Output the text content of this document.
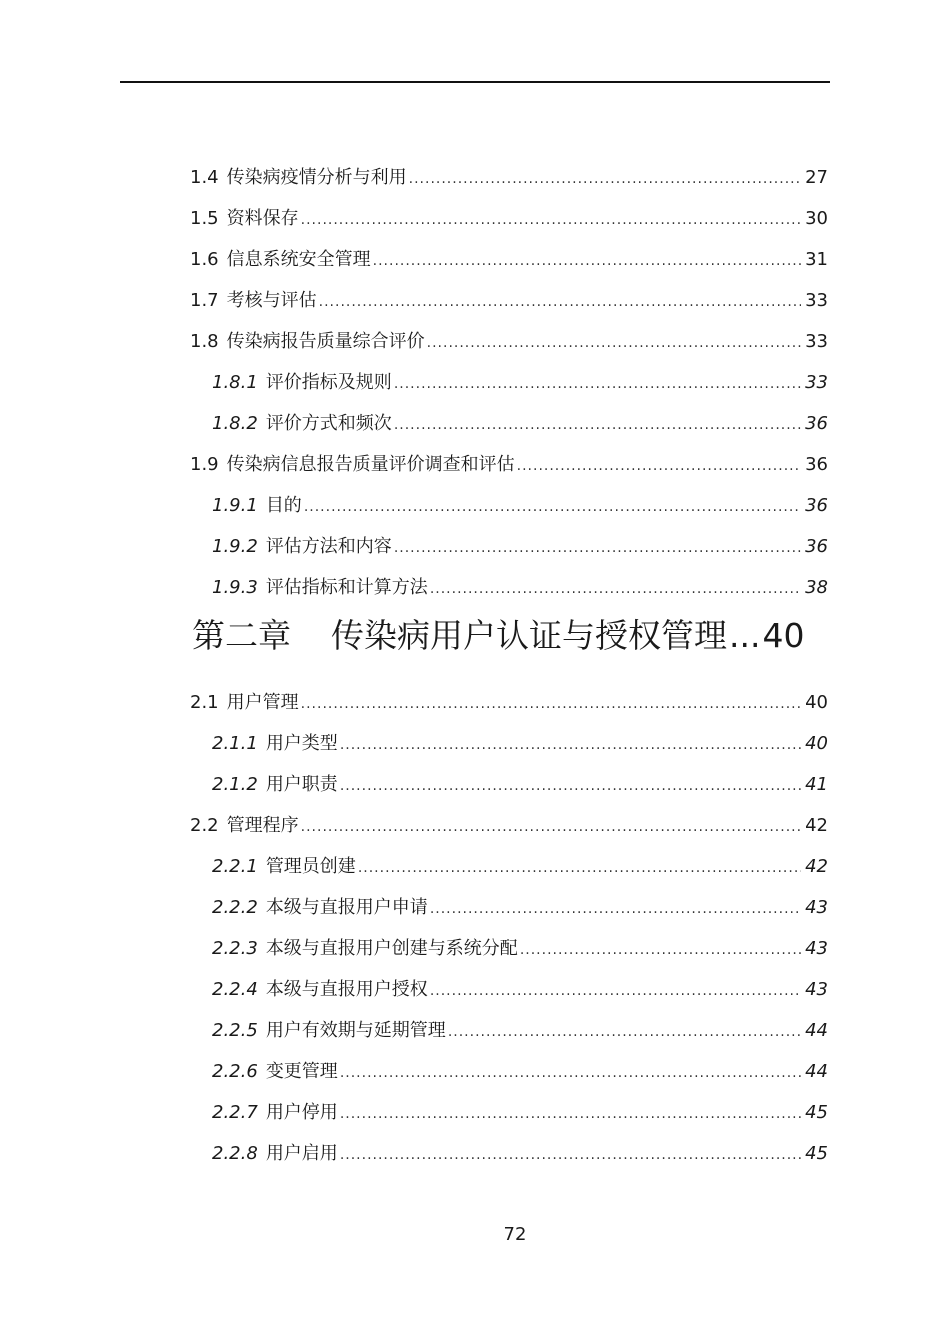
1.4 传染病疫情分析与利用 .....	27
1.5 资料保存 .....	30
1.6 信息系统安全管理 .....	31
1.7 考核与评估 .....	33
1.8 传染病报告质量综合评价 .....	33
1.8.1 评价指标及规则 .....	33
1.8.2 评价方式和频次 .....	36
1.9 传染病信息报告质量评价调查和评估 .....	36
1.9.1 目的 .....	36
1.9.2 评估方法和内容 .....	36
1.9.3 评估指标和计算方法 .....	38
第二章 传染病用户认证与授权管理 ... 40
2.1 用户管理 .....	40
2.1.1 用户类型 .....	40
2.1.2 用户职责 .....	41
2.2 管理程序 .....	42
2.2.1 管理员创建 .....	42
2.2.2 本级与直报用户申请 .....	43
2.2.3 本级与直报用户创建与系统分配 .....	43
2.2.4 本级与直报用户授权 .....	43
2.2.5 用户有效期与延期管理 .....	44
2.2.6 变更管理 .....	44
2.2.7 用户停用 .....	45
2.2.8 用户启用 .....	45
72
